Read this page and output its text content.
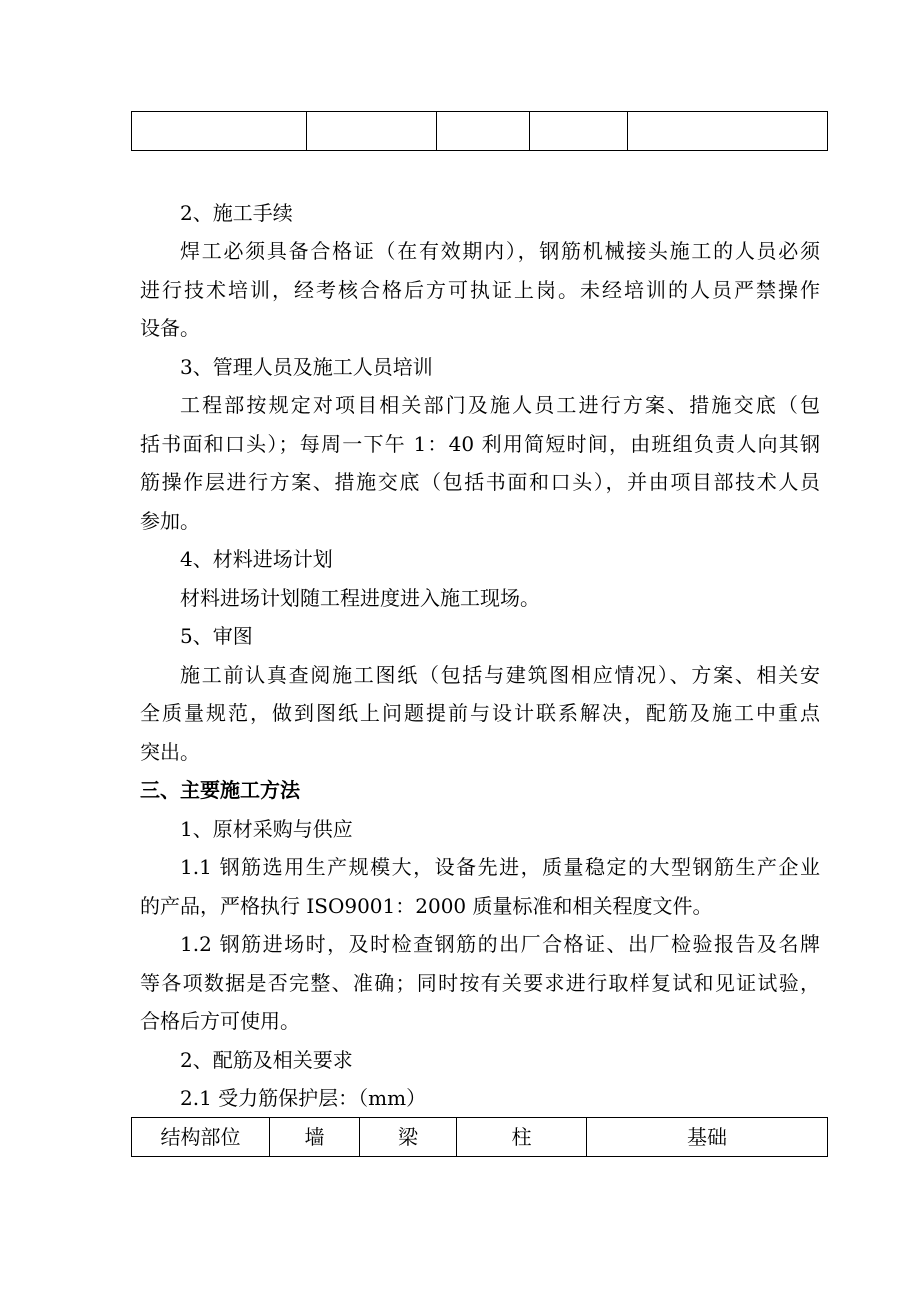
2、施工手续
焊工必须具备合格证（在有效期内），钢筋机械接头施工的人员必须
进行技术培训，经考核合格后方可执证上岗。未经培训的人员严禁操作
设备。
3、管理人员及施工人员培训
工程部按规定对项目相关部门及施人员工进行方案、措施交底（包
括书面和口头）；每周一下午 1：40 利用简短时间，由班组负责人向其钢
筋操作层进行方案、措施交底（包括书面和口头），并由项目部技术人员
参加。
4、材料进场计划
材料进场计划随工程进度进入施工现场。
5、审图
施工前认真查阅施工图纸（包括与建筑图相应情况）、方案、相关安
全质量规范，做到图纸上问题提前与设计联系解决，配筋及施工中重点
突出。
三、主要施工方法
1、原材采购与供应
1.1 钢筋选用生产规模大，设备先进，质量稳定的大型钢筋生产企业
的产品，严格执行 ISO9001：2000 质量标准和相关程度文件。
1.2 钢筋进场时，及时检查钢筋的出厂合格证、出厂检验报告及名牌
等各项数据是否完整、准确；同时按有关要求进行取样复试和见证试验，
合格后方可使用。
2、配筋及相关要求
2.1 受力筋保护层：（mm）
结构部位	墙	梁	柱	基础
